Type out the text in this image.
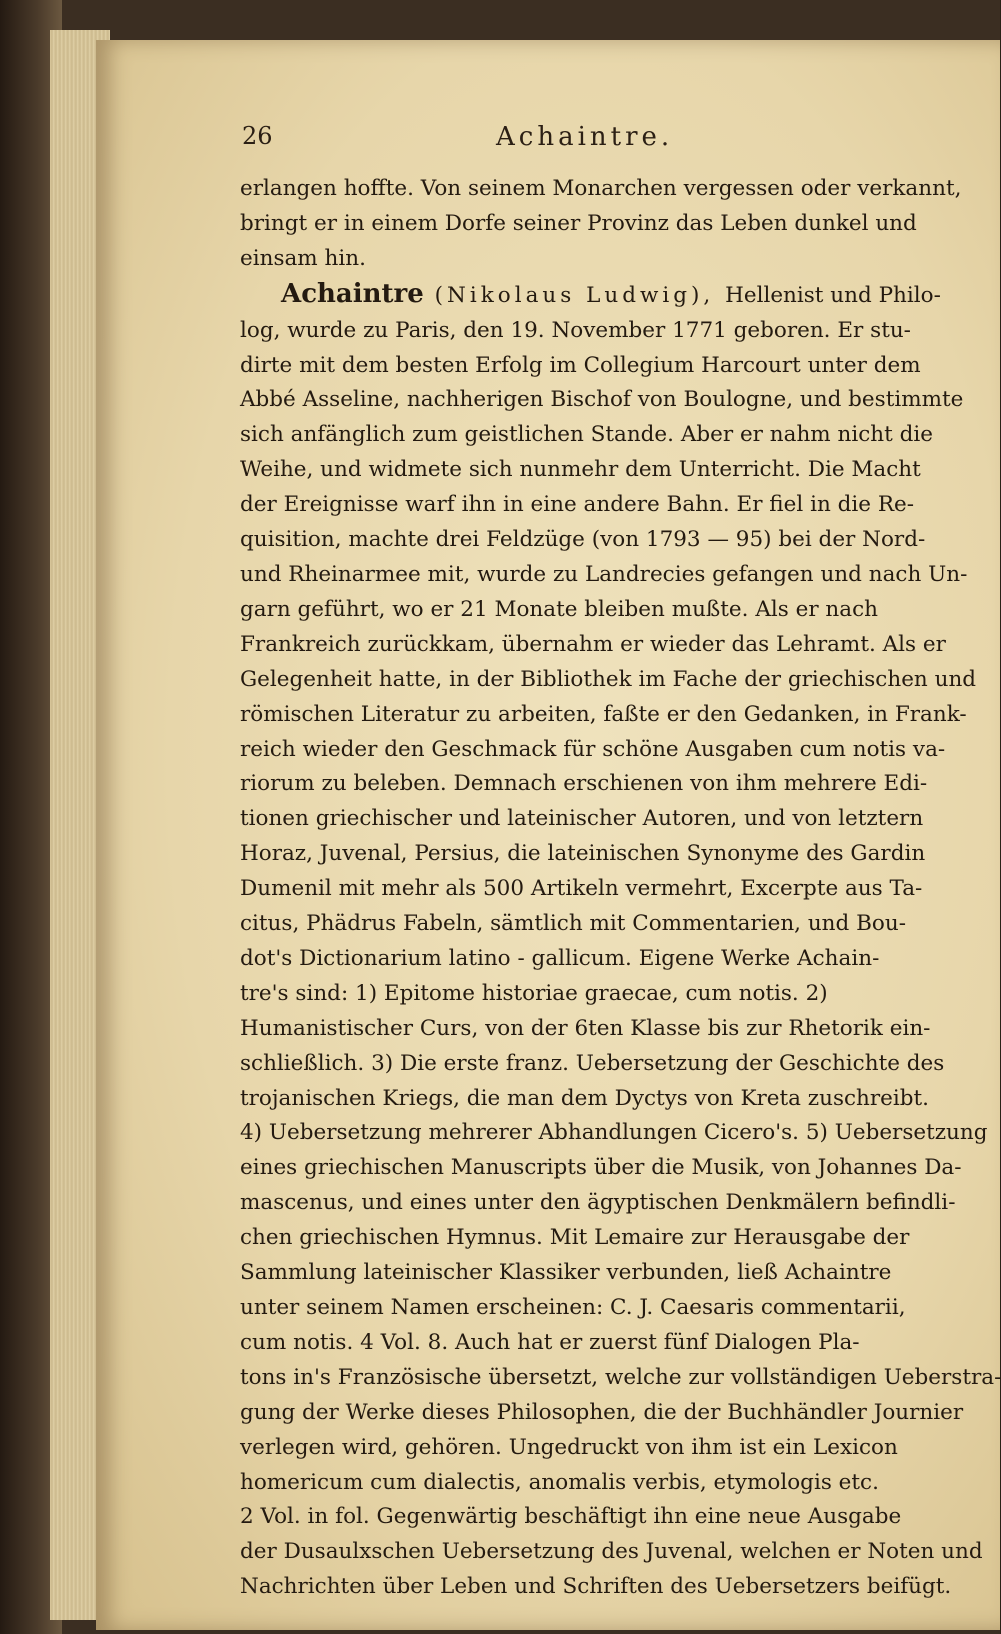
26	Achaintre.
erlangen hoffte. Von seinem Monarchen vergessen oder verkannt,
bringt er in einem Dorfe seiner Provinz das Leben dunkel und
einsam hin.
Achaintre (Nikolaus Ludwig), Hellenist und Philo-
log, wurde zu Paris, den 19. November 1771 geboren. Er stu-
dirte mit dem besten Erfolg im Collegium Harcourt unter dem
Abbé Asseline, nachherigen Bischof von Boulogne, und bestimmte
sich anfänglich zum geistlichen Stande. Aber er nahm nicht die
Weihe, und widmete sich nunmehr dem Unterricht. Die Macht
der Ereignisse warf ihn in eine andere Bahn. Er fiel in die Re-
quisition, machte drei Feldzüge (von 1793 — 95) bei der Nord-
und Rheinarmee mit, wurde zu Landrecies gefangen und nach Un-
garn geführt, wo er 21 Monate bleiben mußte. Als er nach
Frankreich zurückkam, übernahm er wieder das Lehramt. Als er
Gelegenheit hatte, in der Bibliothek im Fache der griechischen und
römischen Literatur zu arbeiten, faßte er den Gedanken, in Frank-
reich wieder den Geschmack für schöne Ausgaben cum notis va-
riorum zu beleben. Demnach erschienen von ihm mehrere Edi-
tionen griechischer und lateinischer Autoren, und von letztern
Horaz, Juvenal, Persius, die lateinischen Synonyme des Gardin
Dumenil mit mehr als 500 Artikeln vermehrt, Excerpte aus Ta-
citus, Phädrus Fabeln, sämtlich mit Commentarien, und Bou-
dot's Dictionarium latino - gallicum. Eigene Werke Achain-
tre's sind: 1) Epitome historiae graecae, cum notis. 2)
Humanistischer Curs, von der 6ten Klasse bis zur Rhetorik ein-
schließlich. 3) Die erste franz. Uebersetzung der Geschichte des
trojanischen Kriegs, die man dem Dyctys von Kreta zuschreibt.
4) Uebersetzung mehrerer Abhandlungen Cicero's. 5) Uebersetzung
eines griechischen Manuscripts über die Musik, von Johannes Da-
mascenus, und eines unter den ägyptischen Denkmälern befindli-
chen griechischen Hymnus. Mit Lemaire zur Herausgabe der
Sammlung lateinischer Klassiker verbunden, ließ Achaintre
unter seinem Namen erscheinen: C. J. Caesaris commentarii,
cum notis. 4 Vol. 8. Auch hat er zuerst fünf Dialogen Pla-
tons in's Französische übersetzt, welche zur vollständigen Ueberstra-
gung der Werke dieses Philosophen, die der Buchhändler Journier
verlegen wird, gehören. Ungedruckt von ihm ist ein Lexicon
homericum cum dialectis, anomalis verbis, etymologis etc.
2 Vol. in fol. Gegenwärtig beschäftigt ihn eine neue Ausgabe
der Dusaulxschen Uebersetzung des Juvenal, welchen er Noten und
Nachrichten über Leben und Schriften des Uebersetzers beifügt.
